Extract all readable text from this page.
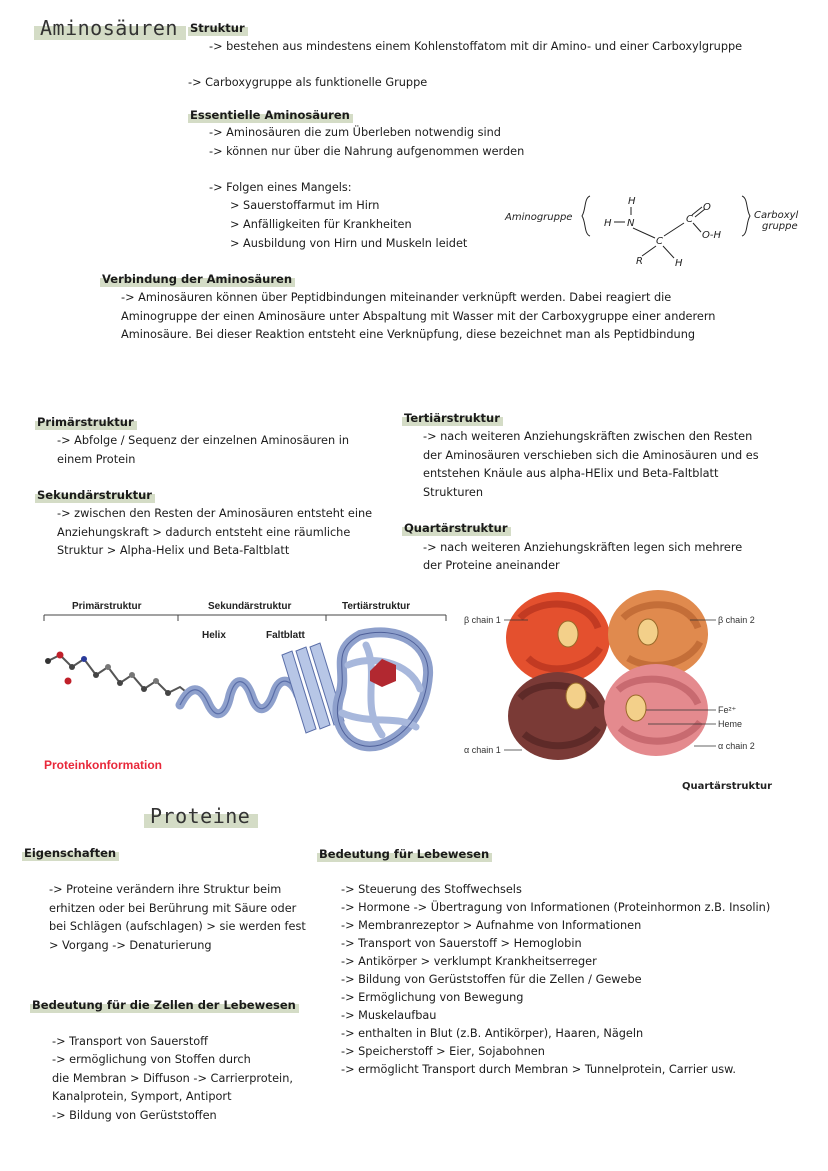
Aminosäuren	Struktur
-> bestehen aus mindestens einem Kohlenstoffatom mit dir Amino- und einer Carboxylgruppe
-> Carboxygruppe als funktionelle Gruppe
Essentielle Aminosäuren
-> Aminosäuren die zum Überleben notwendig sind
-> können nur über die Nahrung aufgenommen werden
-> Folgen eines Mangels:
> Sauerstoffarmut im Hirn
> Anfälligkeiten für Krankheiten
> Ausbildung von Hirn und Muskeln leidet
Aminogruppe	Carboxyl
gruppe
H
H N
C
C
O
O-H
R	H
Verbindung der Aminosäuren
-> Aminosäuren können über Peptidbindungen miteinander verknüpft werden. Dabei reagiert die
Aminogruppe der einen Aminosäure unter Abspaltung mit Wasser mit der Carboxygruppe einer anderern
Aminosäure. Bei dieser Reaktion entsteht eine Verknüpfung, diese bezeichnet man als Peptidbindung
Primärstruktur
-> Abfolge / Sequenz der einzelnen Aminosäuren in
einem Protein
Sekundärstruktur
-> zwischen den Resten der Aminosäuren entsteht eine
Anziehungskraft > dadurch entsteht eine räumliche
Struktur > Alpha-Helix und Beta-Faltblatt
Tertiärstruktur
-> nach weiteren Anziehungskräften zwischen den Resten
der Aminosäuren verschieben sich die Aminosäuren und es
entstehen Knäule aus alpha-HElix und Beta-Faltblatt
Strukturen
Quartärstruktur
-> nach weiteren Anziehungskräften legen sich mehrere
der Proteine aneinander
Primärstruktur	Sekundärstruktur	Tertiärstruktur
Helix	Faltblatt
Proteinkonformation
β chain 1	β chain 2
Fe²⁺
Heme
α chain 1	α chain 2
Quartärstruktur
Proteine
Eigenschaften
-> Proteine verändern ihre Struktur beim
erhitzen oder bei Berührung mit Säure oder
bei Schlägen (aufschlagen) > sie werden fest
> Vorgang -> Denaturierung
Bedeutung für die Zellen der Lebewesen
-> Transport von Sauerstoff
-> ermöglichung von Stoffen durch
die Membran > Diffuson -> Carrierprotein,
Kanalprotein, Symport, Antiport
-> Bildung von Gerüststoffen
Bedeutung für Lebewesen
-> Steuerung des Stoffwechsels
-> Hormone -> Übertragung von Informationen (Proteinhormon z.B. Insolin)
-> Membranrezeptor > Aufnahme von Informationen
-> Transport von Sauerstoff > Hemoglobin
-> Antikörper > verklumpt Krankheitserreger
-> Bildung von Gerüststoffen für die Zellen / Gewebe
-> Ermöglichung von Bewegung
-> Muskelaufbau
-> enthalten in Blut (z.B. Antikörper), Haaren, Nägeln
-> Speicherstoff > Eier, Sojabohnen
-> ermöglicht Transport durch Membran > Tunnelprotein, Carrier usw.
